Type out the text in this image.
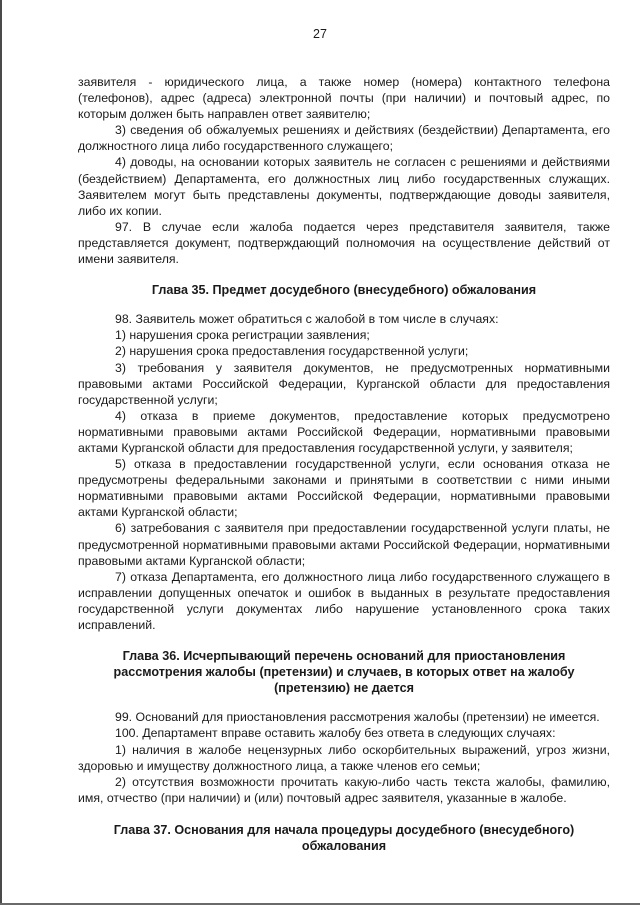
27

заявителя - юридического лица, а также номер (номера) контактного телефона (телефонов), адрес (адреса) электронной почты (при наличии) и почтовый адрес, по которым должен быть направлен ответ заявителю;

3) сведения об обжалуемых решениях и действиях (бездействии) Департамента, его должностного лица либо государственного служащего;

4) доводы, на основании которых заявитель не согласен с решениями и действиями (бездействием) Департамента, его должностных лиц либо государственных служащих. Заявителем могут быть представлены документы, подтверждающие доводы заявителя, либо их копии.

97. В случае если жалоба подается через представителя заявителя, также представляется документ, подтверждающий полномочия на осуществление действий от имени заявителя.

Глава 35. Предмет досудебного (внесудебного) обжалования

98. Заявитель может обратиться с жалобой в том числе в случаях:

1) нарушения срока регистрации заявления;

2) нарушения срока предоставления государственной услуги;

3) требования у заявителя документов, не предусмотренных нормативными правовыми актами Российской Федерации, Курганской области для предоставления государственной услуги;

4) отказа в приеме документов, предоставление которых предусмотрено нормативными правовыми актами Российской Федерации, нормативными правовыми актами Курганской области для предоставления государственной услуги, у заявителя;

5) отказа в предоставлении государственной услуги, если основания отказа не предусмотрены федеральными законами и принятыми в соответствии с ними иными нормативными правовыми актами Российской Федерации, нормативными правовыми актами Курганской области;

6) затребования с заявителя при предоставлении государственной услуги платы, не предусмотренной нормативными правовыми актами Российской Федерации, нормативными правовыми актами Курганской области;

7) отказа Департамента, его должностного лица либо государственного служащего в исправлении допущенных опечаток и ошибок в выданных в результате предоставления государственной услуги документах либо нарушение установленного срока таких исправлений.

Глава 36. Исчерпывающий перечень оснований для приостановления рассмотрения жалобы (претензии) и случаев, в которых ответ на жалобу (претензию) не дается

99. Оснований для приостановления рассмотрения жалобы (претензии) не имеется.

100. Департамент вправе оставить жалобу без ответа в следующих случаях:

1) наличия в жалобе нецензурных либо оскорбительных выражений, угроз жизни, здоровью и имуществу должностного лица, а также членов его семьи;

2) отсутствия возможности прочитать какую-либо часть текста жалобы, фамилию, имя, отчество (при наличии) и (или) почтовый адрес заявителя, указанные в жалобе.

Глава 37. Основания для начала процедуры досудебного (внесудебного) обжалования
